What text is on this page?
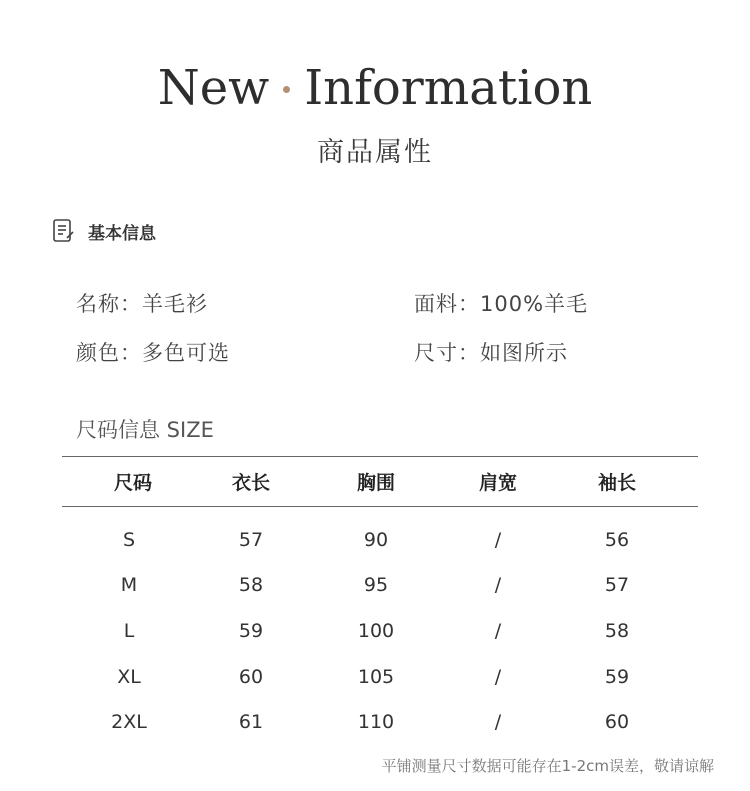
New Information
商品属性
基本信息
名称：羊毛衫	面料：100%羊毛
颜色：多色可选	尺寸：如图所示
尺码信息 SIZE
尺码	衣长	胸围	肩宽	袖长
S	57	90	/	56
M	58	95	/	57
L	59	100	/	58
XL	60	105	/	59
2XL	61	110	/	60
平铺测量尺寸数据可能存在1-2cm误差，敬请谅解
